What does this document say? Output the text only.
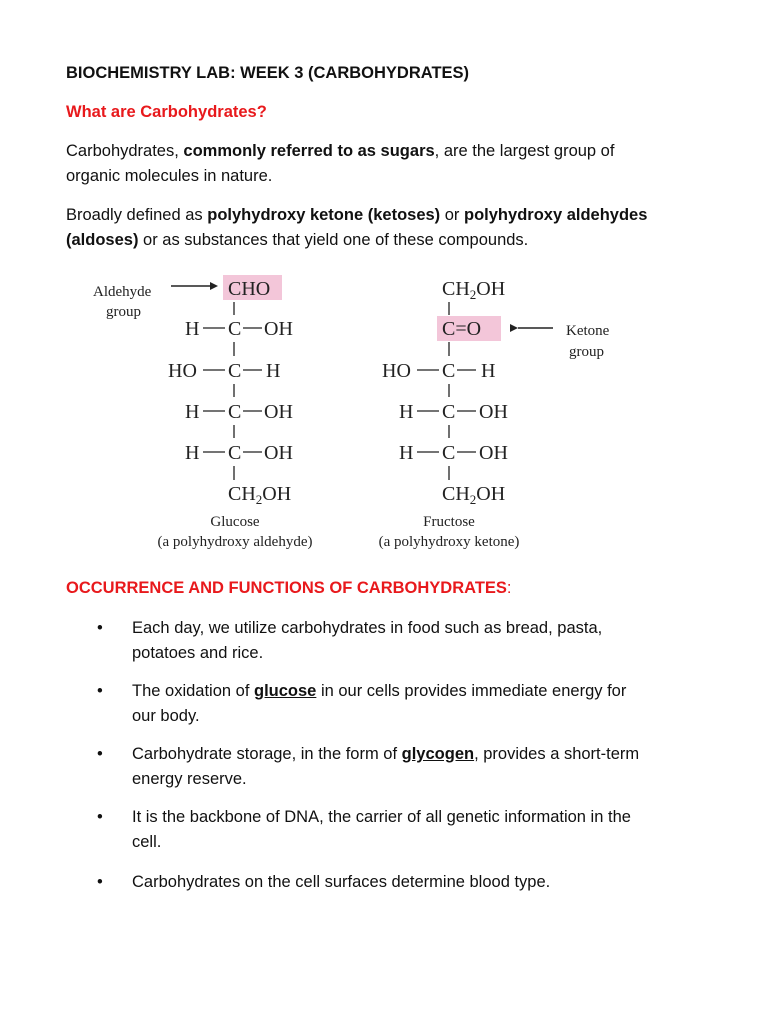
BIOCHEMISTRY LAB: WEEK 3 (CARBOHYDRATES)
What are Carbohydrates?
Carbohydrates, commonly referred to as sugars, are the largest group of
organic molecules in nature.
Broadly defined as polyhydroxy ketone (ketoses) or polyhydroxy aldehydes
(aldoses) or as substances that yield one of these compounds.
Aldehyde
group
CHO
H C OH
HO C H
H C OH
H C OH
$CH_2OH$
Glucose
(a polyhydroxy aldehyde)
$CH_2OH$
C=O	Ketone
group
HO C H
H C OH
H C OH
$CH_2OH$
Fructose
(a polyhydroxy ketone)
OCCURRENCE AND FUNCTIONS OF CARBOHYDRATES:
• Each day, we utilize carbohydrates in food such as bread, pasta,
potatoes and rice.
• The oxidation of glucose in our cells provides immediate energy for
our body.
• Carbohydrate storage, in the form of glycogen, provides a short-term
energy reserve.
• It is the backbone of DNA, the carrier of all genetic information in the
cell.
• Carbohydrates on the cell surfaces determine blood type.
